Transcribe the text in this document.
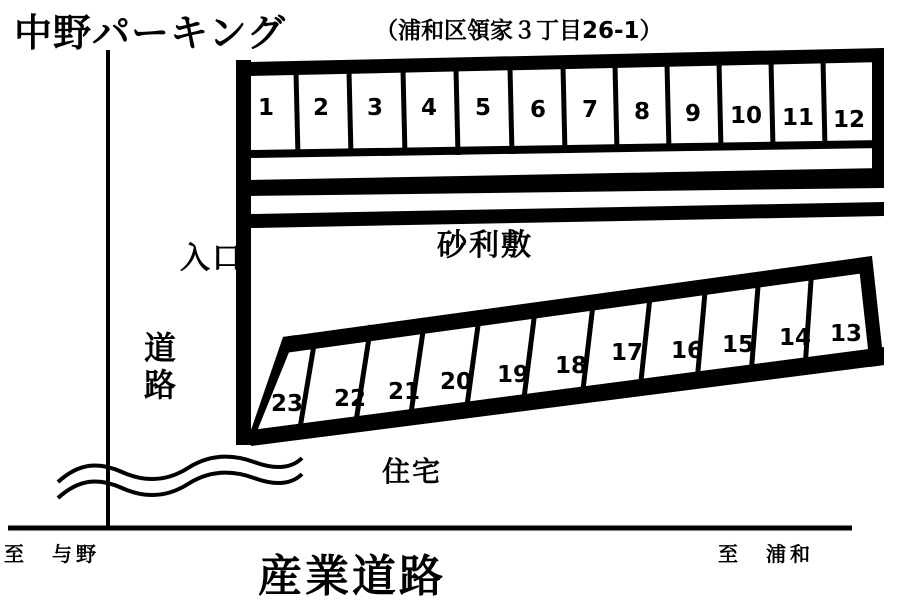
中野パーキング	（浦和区領家３丁目26-1）
入口	砂利敷
住宅
道路
産業道路
至　与野	至　浦和
1 2 3 4 5 6 7 8 9 10 11 12
23 22 21 20 19 18 17 16 15 14 13
